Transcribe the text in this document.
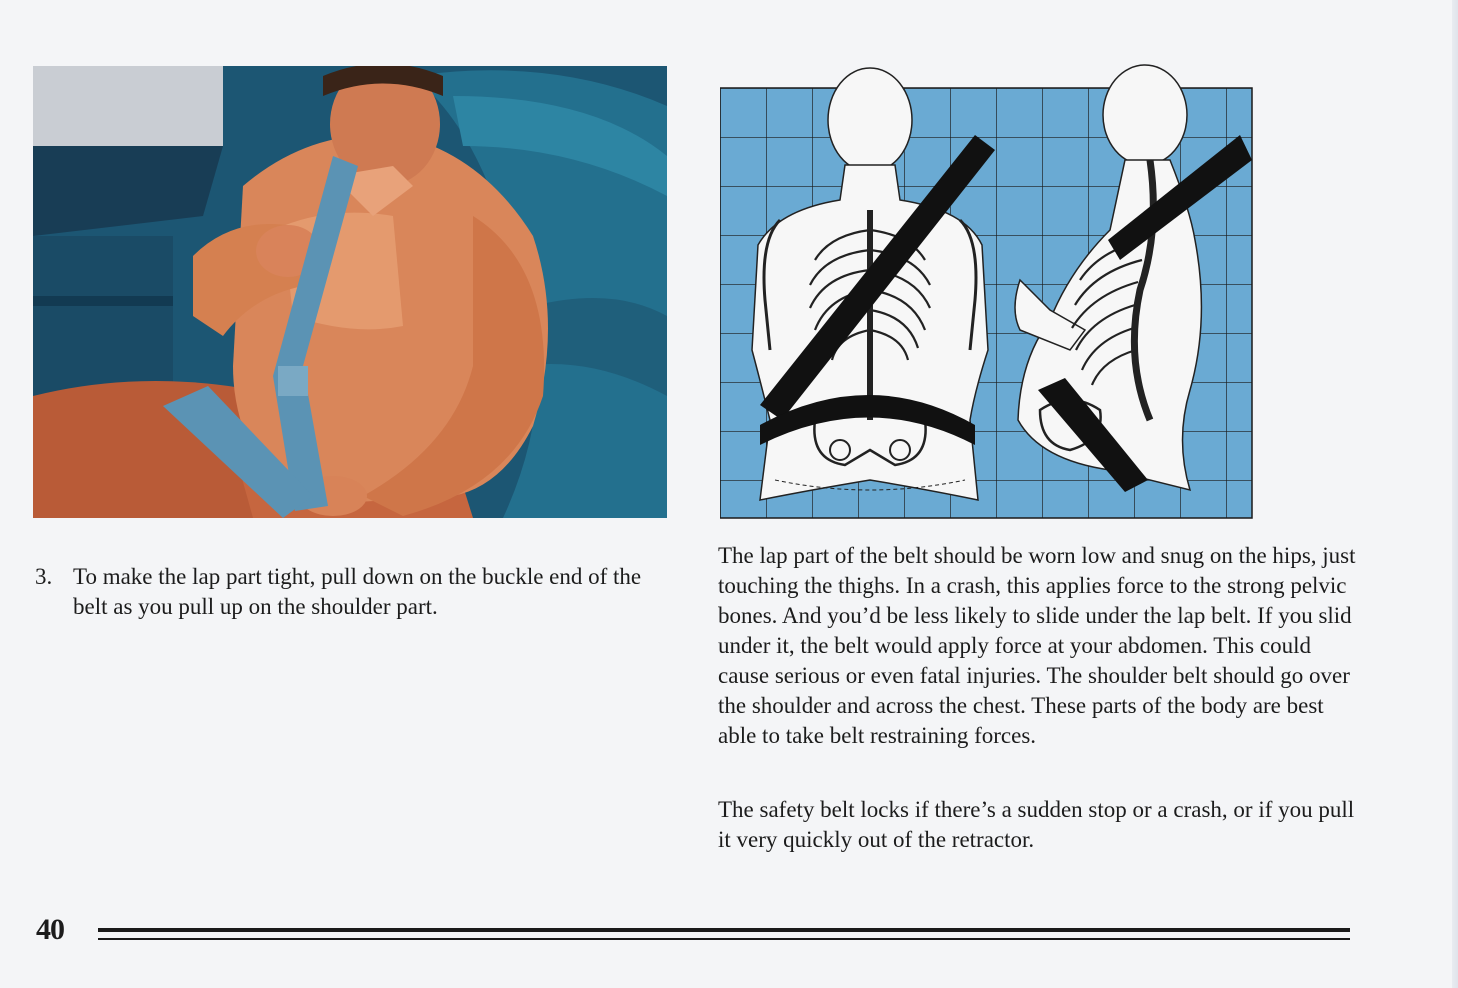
3. To make the lap part tight, pull down on the buckle end of the belt as you pull up on the shoulder part.

The lap part of the belt should be worn low and snug on the hips, just touching the thighs. In a crash, this applies force to the strong pelvic bones. And you’d be less likely to slide under the lap belt. If you slid under it, the belt would apply force at your abdomen. This could cause serious or even fatal injuries. The shoulder belt should go over the shoulder and across the chest. These parts of the body are best able to take belt restraining forces.

The safety belt locks if there’s a sudden stop or a crash, or if you pull it very quickly out of the retractor.

40
